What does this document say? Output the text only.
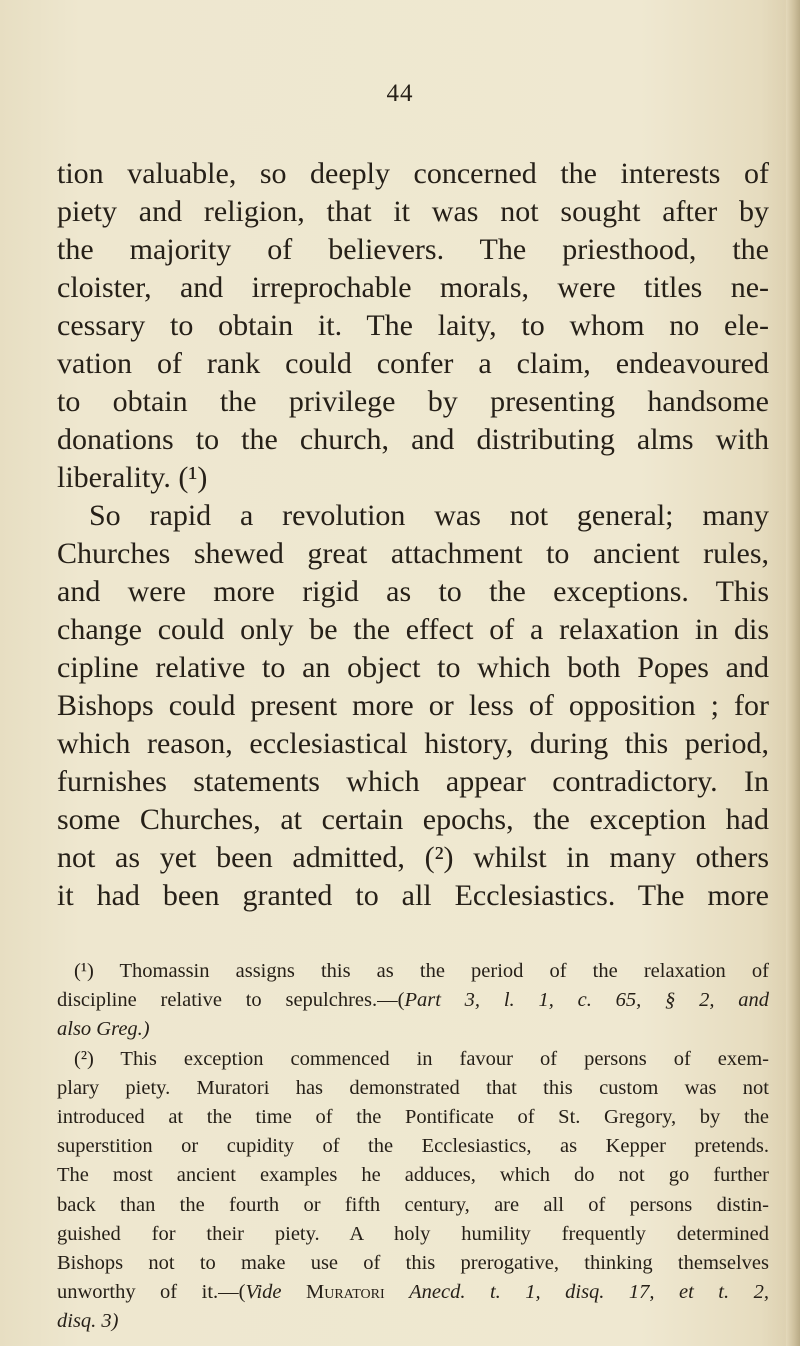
44
tion valuable, so deeply concerned the interests of
piety and religion, that it was not sought after by
the majority of believers. The priesthood, the
cloister, and irreprochable morals, were titles ne-
cessary to obtain it. The laity, to whom no ele-
vation of rank could confer a claim, endeavoured
to obtain the privilege by presenting handsome
donations to the church, and distributing alms with
liberality. (¹)
So rapid a revolution was not general; many
Churches shewed great attachment to ancient rules,
and were more rigid as to the exceptions. This
change could only be the effect of a relaxation in dis
cipline relative to an object to which both Popes and
Bishops could present more or less of opposition ; for
which reason, ecclesiastical history, during this period,
furnishes statements which appear contradictory. In
some Churches, at certain epochs, the exception had
not as yet been admitted, (²) whilst in many others
it had been granted to all Ecclesiastics. The more
(¹) Thomassin assigns this as the period of the relaxation of
discipline relative to sepulchres.—(Part 3, l. 1, c. 65, § 2, and
also Greg.)
(²) This exception commenced in favour of persons of exem-
plary piety. Muratori has demonstrated that this custom was not
introduced at the time of the Pontificate of St. Gregory, by the
superstition or cupidity of the Ecclesiastics, as Kepper pretends.
The most ancient examples he adduces, which do not go further
back than the fourth or fifth century, are all of persons distin-
guished for their piety. A holy humility frequently determined
Bishops not to make use of this prerogative, thinking themselves
unworthy of it.—(Vide Muratori Anecd. t. 1, disq. 17, et t. 2,
disq. 3)
